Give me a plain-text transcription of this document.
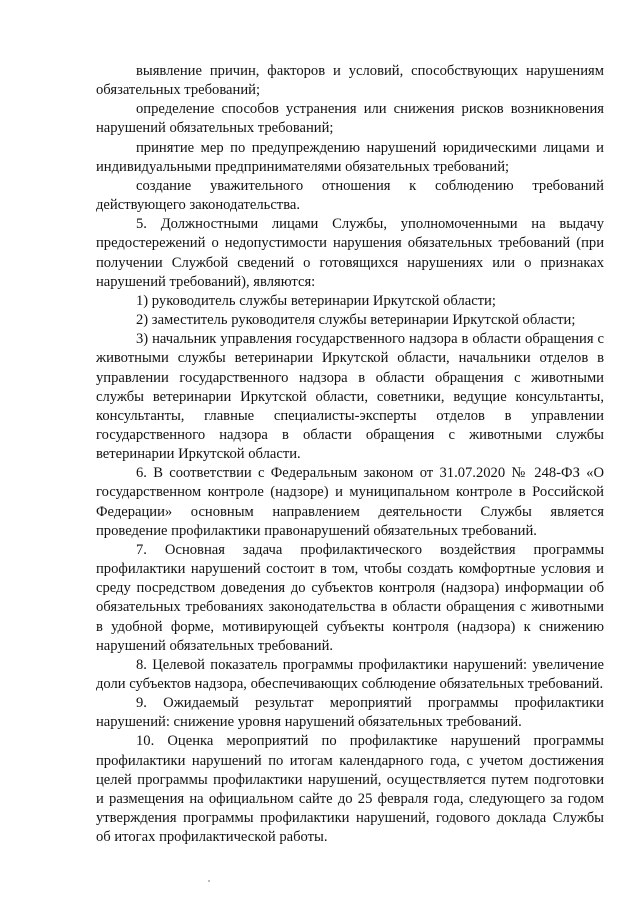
выявление причин, факторов и условий, способствующих нарушениям обязательных требований;

определение способов устранения или снижения рисков возникновения нарушений обязательных требований;

принятие мер по предупреждению нарушений юридическими лицами и индивидуальными предпринимателями обязательных требований;

создание уважительного отношения к соблюдению требований действующего законодательства.

5. Должностными лицами Службы, уполномоченными на выдачу предостережений о недопустимости нарушения обязательных требований (при получении Службой сведений о готовящихся нарушениях или о признаках нарушений требований), являются:

1) руководитель службы ветеринарии Иркутской области;

2) заместитель руководителя службы ветеринарии Иркутской области;

3) начальник управления государственного надзора в области обращения с животными службы ветеринарии Иркутской области, начальники отделов в управлении государственного надзора в области обращения с животными службы ветеринарии Иркутской области, советники, ведущие консультанты, консультанты, главные специалисты-эксперты отделов в управлении государственного надзора в области обращения с животными службы ветеринарии Иркутской области.

6. В соответствии с Федеральным законом от 31.07.2020 № 248-ФЗ «О государственном контроле (надзоре) и муниципальном контроле в Российской Федерации» основным направлением деятельности Службы является проведение профилактики правонарушений обязательных требований.

7. Основная задача профилактического воздействия программы профилактики нарушений состоит в том, чтобы создать комфортные условия и среду посредством доведения до субъектов контроля (надзора) информации об обязательных требованиях законодательства в области обращения с животными в удобной форме, мотивирующей субъекты контроля (надзора) к снижению нарушений обязательных требований.

8. Целевой показатель программы профилактики нарушений: увеличение доли субъектов надзора, обеспечивающих соблюдение обязательных требований.

9. Ожидаемый результат мероприятий программы профилактики нарушений: снижение уровня нарушений обязательных требований.

10. Оценка мероприятий по профилактике нарушений программы профилактики нарушений по итогам календарного года, с учетом достижения целей программы профилактики нарушений, осуществляется путем подготовки и размещения на официальном сайте до 25 февраля года, следующего за годом утверждения программы профилактики нарушений, годового доклада Службы об итогах профилактической работы.
